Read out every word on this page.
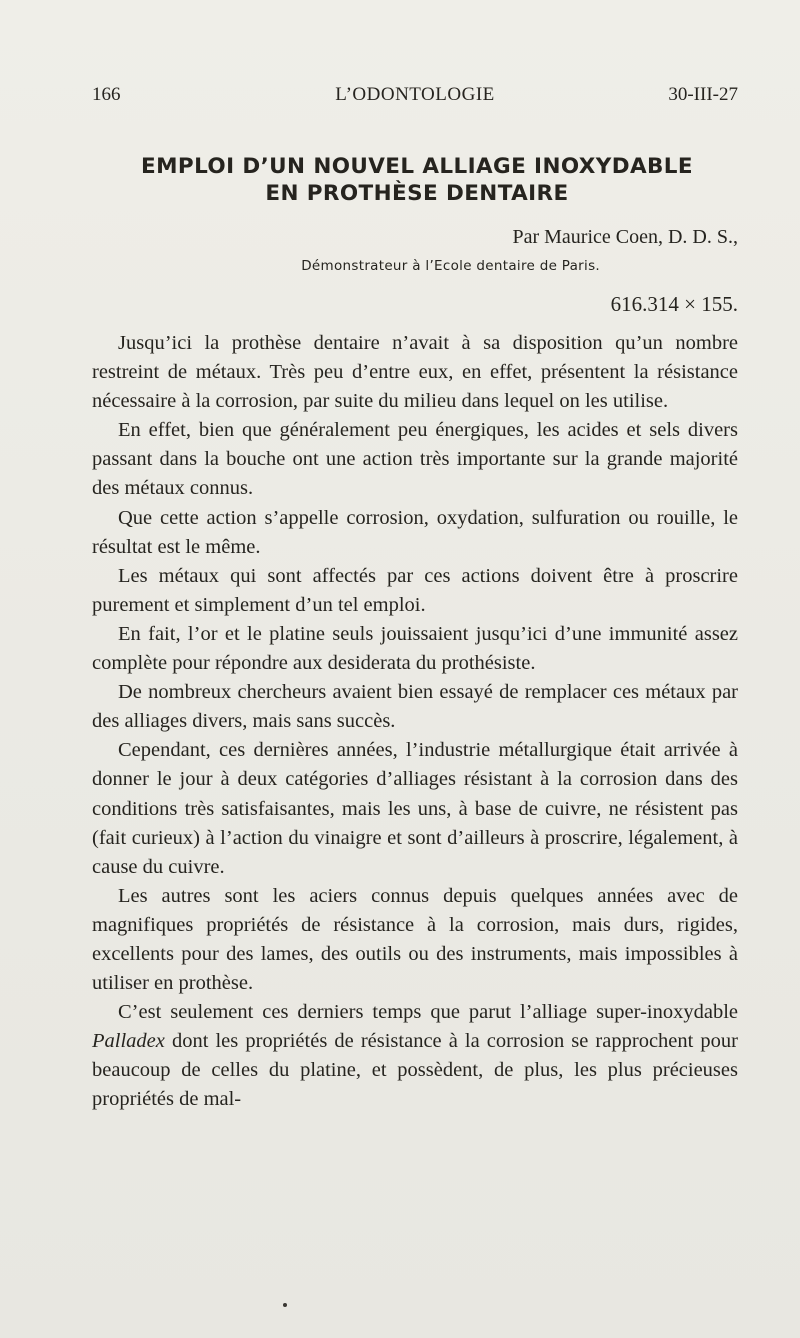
166	L’ODONTOLOGIE	30-III-27
EMPLOI D’UN NOUVEL ALLIAGE INOXYDABLE
EN PROTHÈSE DENTAIRE
Par Maurice Coen, D. D. S.,
Démonstrateur à l’Ecole dentaire de Paris.
616.314 × 155.

Jusqu’ici la prothèse dentaire n’avait à sa disposition qu’un nombre restreint de métaux. Très peu d’entre eux, en effet, présentent la résistance nécessaire à la corrosion, par suite du milieu dans lequel on les utilise.

En effet, bien que généralement peu énergiques, les acides et sels divers passant dans la bouche ont une action très importante sur la grande majorité des métaux connus.

Que cette action s’appelle corrosion, oxydation, sulfuration ou rouille, le résultat est le même.

Les métaux qui sont affectés par ces actions doivent être à proscrire purement et simplement d’un tel emploi.

En fait, l’or et le platine seuls jouissaient jusqu’ici d’une immunité assez complète pour répondre aux desiderata du prothésiste.

De nombreux chercheurs avaient bien essayé de remplacer ces métaux par des alliages divers, mais sans succès.

Cependant, ces dernières années, l’industrie métallurgique était arrivée à donner le jour à deux catégories d’alliages résistant à la corrosion dans des conditions très satisfaisantes, mais les uns, à base de cuivre, ne résistent pas (fait curieux) à l’action du vinaigre et sont d’ailleurs à proscrire, légalement, à cause du cuivre.

Les autres sont les aciers connus depuis quelques années avec de magnifiques propriétés de résistance à la corrosion, mais durs, rigides, excellents pour des lames, des outils ou des instruments, mais impossibles à utiliser en prothèse.

C’est seulement ces derniers temps que parut l’alliage super-inoxydable Palladex dont les propriétés de résistance à la corrosion se rapprochent pour beaucoup de celles du platine, et possèdent, de plus, les plus précieuses propriétés de mal-
